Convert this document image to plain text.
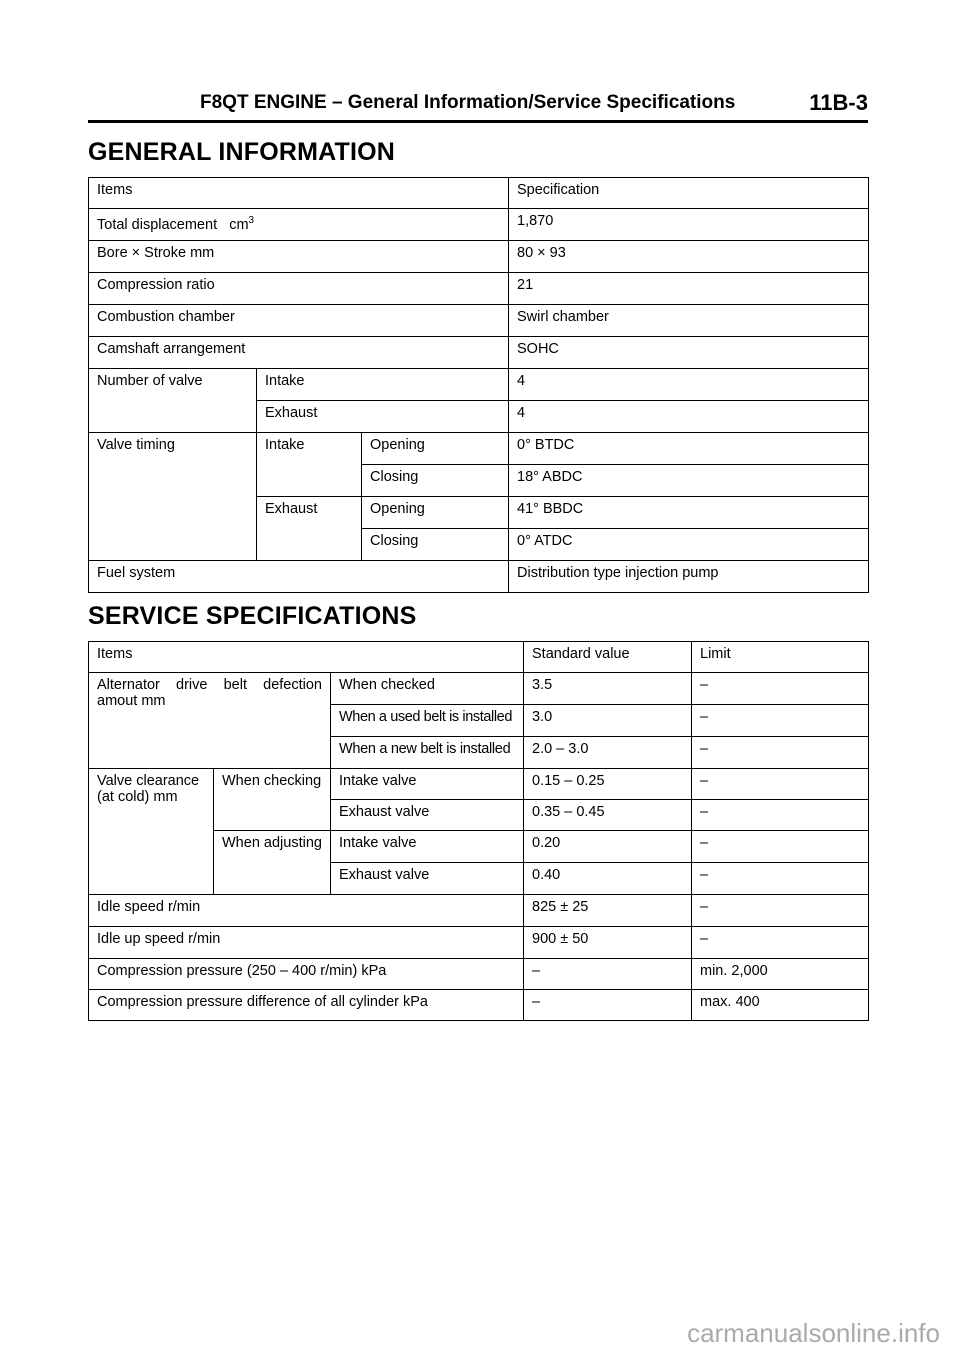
F8QT ENGINE – General Information/Service Specifications	11B-3
GENERAL INFORMATION
Items			Specification
Total displacement $cm^3$			1,870
Bore × Stroke mm			80 × 93
Compression ratio			21
Combustion chamber			Swirl chamber
Camshaft arrangement			SOHC
Number of valve	Intake		4
	Exhaust		4
Valve timing	Intake	Opening	0° BTDC
		Closing	18° ABDC
	Exhaust	Opening	41° BBDC
		Closing	0° ATDC
Fuel system			Distribution type injection pump
SERVICE SPECIFICATIONS
Items			Standard value	Limit
Alternator drive belt defection amout mm		When checked	3.5	–
		When a used belt is installed	3.0	–
		When a new belt is installed	2.0 – 3.0	–
Valve clearance (at cold) mm	When checking	Intake valve	0.15 – 0.25	–
		Exhaust valve	0.35 – 0.45	–
	When adjusting	Intake valve	0.20	–
		Exhaust valve	0.40	–
Idle speed r/min			825 ± 25	–
Idle up speed r/min			900 ± 50	–
Compression pressure (250 – 400 r/min) kPa			–	min. 2,000
Compression pressure difference of all cylinder kPa			–	max. 400
carmanualsonline.info
